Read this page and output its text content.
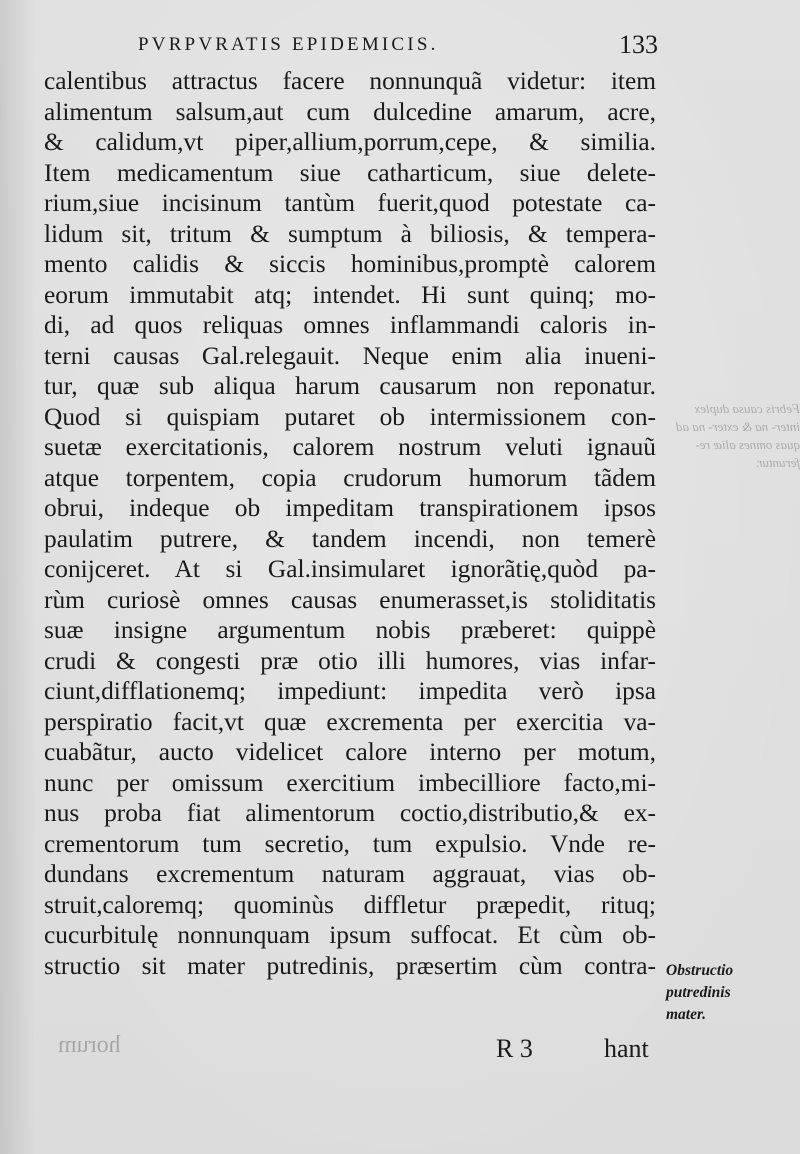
PVRPVRATIS EPIDEMICIS.	133
calentibus attractus facere nonnunquã videtur: item
alimentum salsum,aut cum dulcedine amarum, acre,
& calidum,vt piper,allium,porrum,cepe, & similia.
Item medicamentum siue catharticum, siue delete-
rium,siue incisinum tantùm fuerit,quod potestate ca-
lidum sit, tritum & sumptum à biliosis, & tempera-
mento calidis & siccis hominibus,promptè calorem
eorum immutabit atq; intendet. Hi sunt quinq; mo-
di, ad quos reliquas omnes inflammandi caloris in-
terni causas Gal.relegauit. Neque enim alia inueni-
tur, quæ sub aliqua harum causarum non reponatur.
Quod si quispiam putaret ob intermissionem con-
suetæ exercitationis, calorem nostrum veluti ignauũ
atque torpentem, copia crudorum humorum tãdem
obrui, indeque ob impeditam transpirationem ipsos
paulatim putrere, & tandem incendi, non temerè
conijceret. At si Gal.insimularet ignorãtię,quòd pa-
rùm curiosè omnes causas enumerasset,is stoliditatis
suæ insigne argumentum nobis præberet: quippè
crudi & congesti præ otio illi humores, vias infar-
ciunt,difflationemq; impediunt: impedita verò ipsa
perspiratio facit,vt quæ excrementa per exercitia va-
cuabãtur, aucto videlicet calore interno per motum,
nunc per omissum exercitium imbecilliore facto,mi-
nus proba fiat alimentorum coctio,distributio,& ex-
crementorum tum secretio, tum expulsio. Vnde re-
dundans excrementum naturam aggrauat, vias ob-
struit,caloremq; quominùs diffletur præpedit, rituq;
cucurbitulę nonnunquam ipsum suffocat. Et cùm ob-
structio sit mater putredinis, præsertim cùm contra-
Febris causa duplex inter- na & exter- na ad quas omnes aliæ re- feruntur.
horum
Obstructio
putredinis
mater.
R 3	hant
